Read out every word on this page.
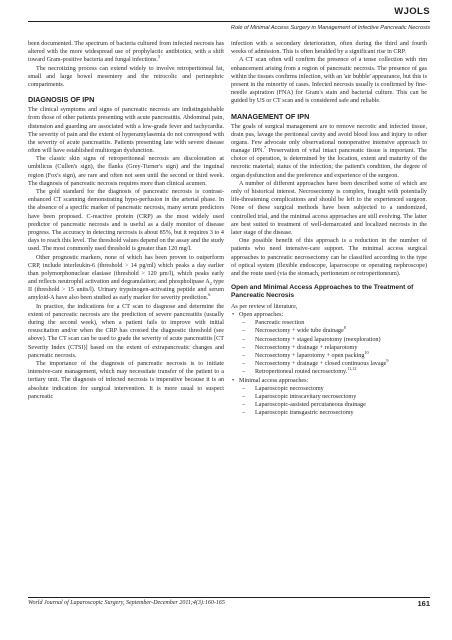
WJOLS
Role of Minimal Access Surgery in Management of Infective Pancreatic Necrosis

been documented. The spectrum of bacteria cultured from infected necrosis has altered with the more widespread use of prophylactic antibiotics, with a shift toward Gram-positive bacteria and fungal infections.$^5$

The necrotizing process can extend widely to involve retroperitoneal fat, small and large bowel mesentery and the retrocolic and perinephric compartments.

DIAGNOSIS OF IPN

The clinical symptoms and signs of pancreatic necrosis are indistinguishable from those of other patients presenting with acute pancreatitis. Abdominal pain, distension and guarding are associated with a low-grade fever and tachycardia. The severity of pain and the extent of hyperamylasemia do not correspond with the severity of acute pancreatitis. Patients presenting late with severe disease often will have established multiorgan dysfunction.

The classic skin signs of retroperitoneal necrosis are discoloration at umbilicus (Cullen's sign), the flanks (Grey-Turner's sign) and the inguinal region (Fox's sign), are rare and often not seen until the second or third week. The diagnosis of pancreatic necrosis requires more than clinical acumen.

The gold standard for the diagnosis of pancreatic necrosis is contrast-enhanced CT scanning demonstrating hypo-perfusion in the arterial phase. In the absence of a specific marker of pancreatic necrosis, many serum predictors have been proposed. C-reactive protein (CRP) as the most widely used predictor of pancreatic necrosis and is useful as a daily monitor of disease progress. The accuracy in detecting necrosis is about 85%, but it requires 3 to 4 days to reach this level. The threshold values depend on the assay and the study used. The most commonly used threshold is greater than 120 mg/l.

Other prognostic markers, none of which has been proven to outperform CRP, include interleukin-6 (threshold > 14 pg/ml) which peaks a day earlier than polymorphonuclear elastase (threshold > 120 µm/l), which peaks early and reflects neutrophil activation and degranulation; and phospholipase $A_2$ type II (threshold > 15 units/l). Urinary trypsinogen-activating peptide and serum amyloid-A have also been studied as early marker for severity prediction.$^6$

In practice, the indications for a CT scan to diagnose and determine the extent of pancreatic necrosis are the prediction of severe pancreatitis (usually during the second week), when a patient fails to improve with initial resuscitation and/or when the CRP has crossed the diagnostic threshold (see above). The CT scan can be used to grade the severity of acute pancreatitis [CT Severity Index (CTSI)] based on the extent of extrapancreatic changes and pancreatic necrosis.

The importance of the diagnosis of pancreatic necrosis is to initiate intensive-care management, which may necessitate transfer of the patient to a tertiary unit. The diagnosis of infected necrosis is imperative because it is an absolute indication for surgical intervention. It is more usual to suspect pancreatic

infection with a secondary deterioration, often during the third and fourth weeks of admission. This is often heralded by a significant rise in CRP.

A CT scan often will confirm the presence of a tense collection with rim enhancement arising from a region of pancreatic necrosis. The presence of gas within the tissues confirms infection, with an 'air bubble' appearance, but this is present in the minority of cases. Infected necrosis usually is confirmed by fine-needle aspiration (FNA) for Gram's stain and bacterial culture. This can be guided by US or CT scan and is considered safe and reliable.

MANAGEMENT OF IPN

The goals of surgical management are to remove necrotic and infected tissue, drain pus, lavage the peritoneal cavity and avoid blood loss and injury to other organs. Few advocate only observational nonoperative intensive approach to manage IPN.$^7$ Preservation of vital intact pancreatic tissue is important. The choice of operation, is determined by the location, extent and maturity of the necrotic material; status of the infection; the patient's condition, the degree of organ dysfunction and the preference and experience of the surgeon.

A number of different approaches have been described some of which are only of historical interest. Necrosectomy is complex, fraught with potentially life-threatening complications and should be left to the experienced surgeon. None of these surgical methods have been subjected to a randomized, controlled trial, and the minimal access approaches are still evolving. The latter are best suited to treatment of well-demarcated and localized necrosis in the later stage of the disease.

One possible benefit of this approach is a reduction in the number of patients who need intensive-care support. The minimal access surgical approaches to pancreatic necrosectomy can be classified according to the type of optical system (flexible endoscope, laparoscope or operating nephroscope) and the route used (via the stomach, peritoneum or retroperitoneum).

Open and Minimal Access Approaches to the Treatment of Pancreatic Necrosis

As per review of literature,

• Open approaches:
– Pancreatic resection
– Necrosectomy + wide tube drainage$^8$
– Necrosectomy + staged laparotomy (reexploration)
– Necrosectomy + drainage + relaparotomy
– Necrosectomy + laparotomy + open packing$^{10}$
– Necrosectomy + drainage + closed continuous lavage$^9$
– Retroperitoneal routed necrosectomy.$^{11,12}$
• Minimal access approaches:
– Laparoscopic necrosectomy
– Laparoscopic intracavitary necrosectomy
– Laparoscopic-assisted percutaneous drainage
– Laparoscopic transgastric necrosectomy
World Journal of Laparoscopic Surgery, September-December 2011;4(3):160-165	161
